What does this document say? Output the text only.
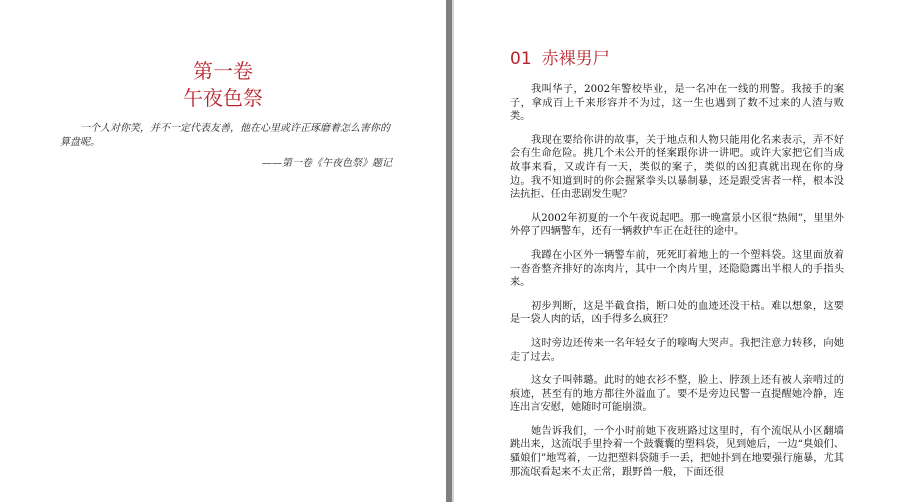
第一卷
午夜色祭

一个人对你笑，并不一定代表友善，他在心里或许正琢磨着怎么害你的算盘呢。

——第一卷《午夜色祭》题记

01 赤裸男尸

我叫华子，2002年警校毕业，是一名冲在一线的刑警。我接手的案子，拿成百上千来形容并不为过，这一生也遇到了数不过来的人渣与败类。

我现在要给你讲的故事，关于地点和人物只能用化名来表示，弄不好会有生命危险。挑几个未公开的怪案跟你讲一讲吧。或许大家把它们当成故事来看，又或许有一天，类似的案子，类似的凶犯真就出现在你的身边。我不知道到时的你会握紧拳头以暴制暴，还是跟受害者一样，根本没法抗拒、任由悲剧发生呢？

从2002年初夏的一个午夜说起吧。那一晚富景小区很“热闹”，里里外外停了四辆警车，还有一辆救护车正在赶往的途中。

我蹲在小区外一辆警车前，死死盯着地上的一个塑料袋。这里面放着一沓沓整齐排好的冻肉片，其中一个肉片里，还隐隐露出半根人的手指头来。

初步判断，这是半截食指，断口处的血迹还没干枯。难以想象，这要是一袋人肉的话，凶手得多么疯狂？

这时旁边还传来一名年轻女子的嚎啕大哭声。我把注意力转移，向她走了过去。

这女子叫韩璐。此时的她衣衫不整，脸上、脖颈上还有被人亲啃过的痕迹，甚至有的地方都往外溢血了。要不是旁边民警一直提醒她冷静，连连出言安慰，她随时可能崩溃。

她告诉我们，一个小时前她下夜班路过这里时，有个流氓从小区翻墙跳出来，这流氓手里拎着一个鼓囊囊的塑料袋，见到她后，一边“臭娘们、骚娘们”地骂着，一边把塑料袋随手一丢，把她扑到在地要强行施暴，尤其那流氓看起来不太正常，跟野兽一般，下面还很
